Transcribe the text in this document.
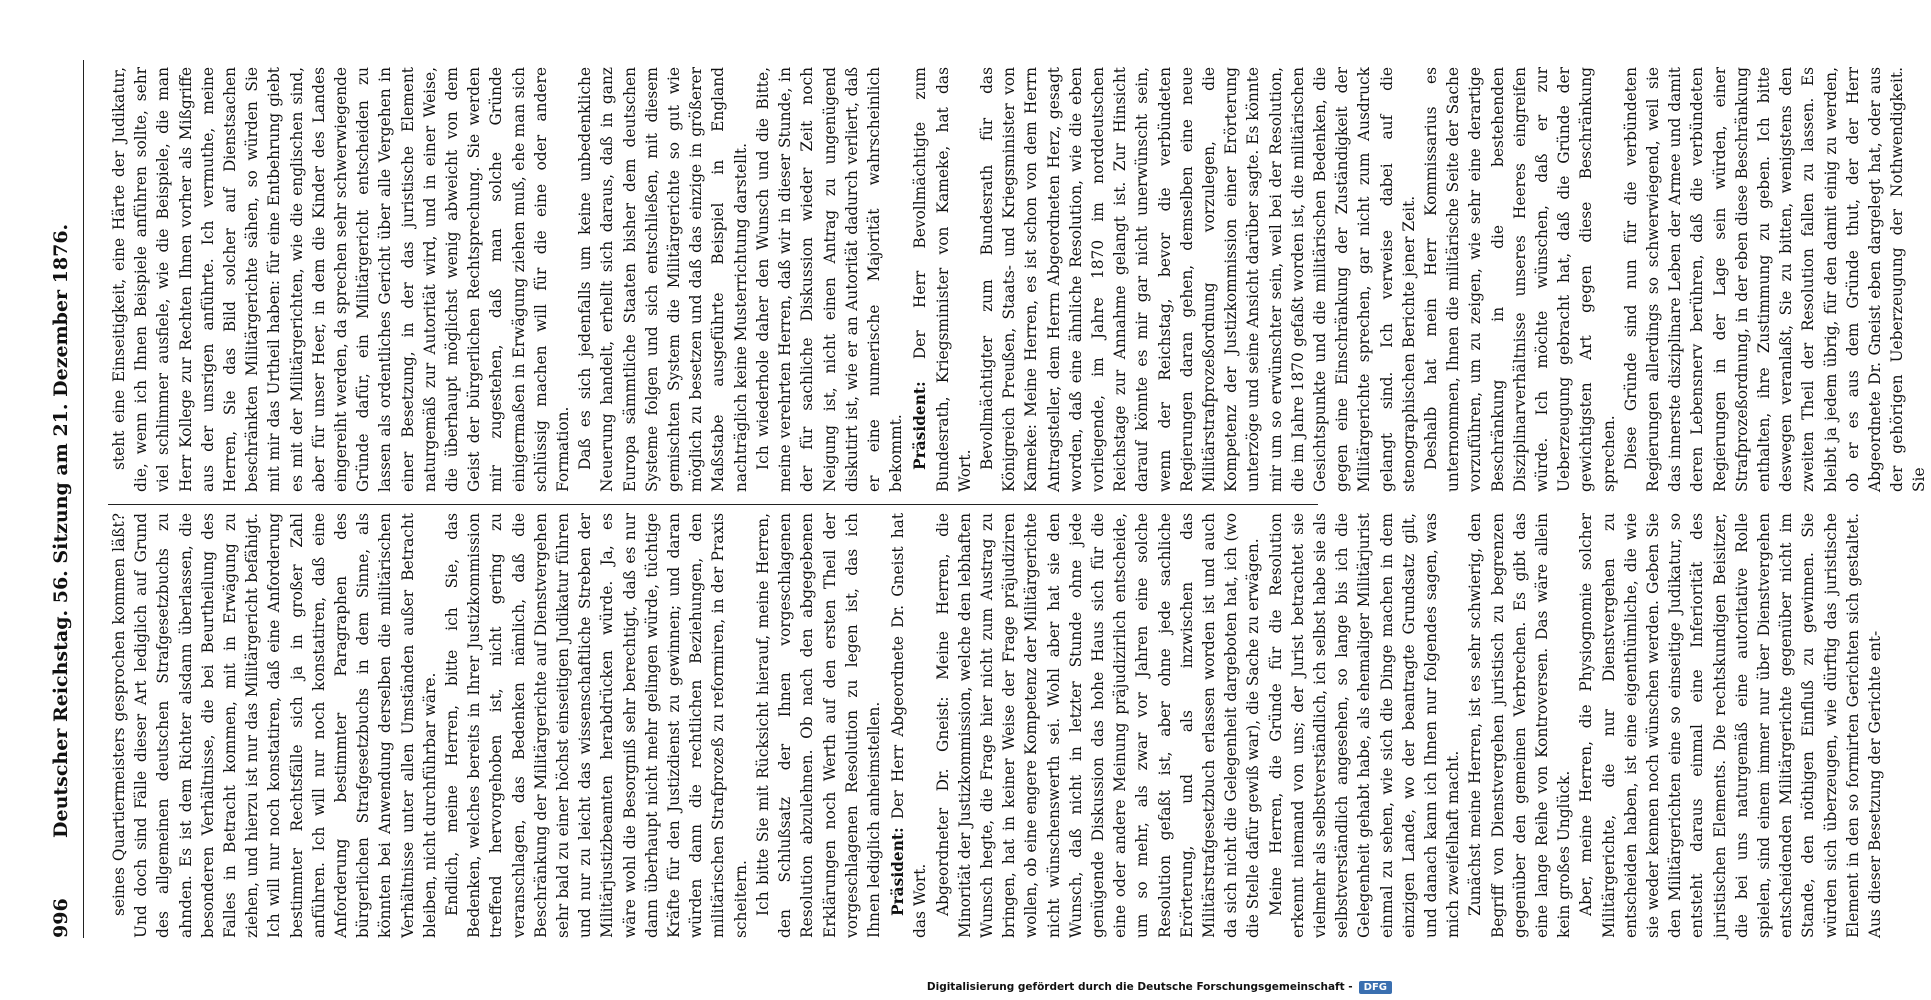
996
Deutscher Reichstag. 56. Sitzung am 21. Dezember 1876. seines Quartiermeisters gesprochen kommen läßt? Und doch sind Fälle dieser Art lediglich auf Grund des allgemeinen deutschen Strafgesetzbuchs zu ahnden. Es ist dem Richter alsdann überlassen, die besonderen Verhältnisse, die bei Beurtheilung des Falles in Betracht kommen, mit in Erwägung zu ziehen, und hierzu ist nur das Militärgericht befähigt. Ich will nur noch konstatiren, daß eine Anforderung bestimmter Rechtsfälle sich ja in großer Zahl anführen. Ich will nur noch konstatiren, daß eine Anforderung bestimmter Paragraphen des bürgerlichen Strafgesetzbuchs in dem Sinne, als könnten bei Anwendung derselben die militärischen Verhältnisse unter allen Umständen außer Betracht bleiben, nicht durchführbar wäre. Endlich, meine Herren, bitte ich Sie, das Bedenken, welches bereits in Ihrer Justizkommission treffend hervorgehoben ist, nicht gering zu veranschlagen, das Bedenken nämlich, daß die Beschränkung der Militärgerichte auf Dienstvergehen sehr bald zu einer höchst einseitigen Judikatur führen und nur zu leicht das wissenschaftliche Streben der Militärjustizbeamten herabdrücken würde. Ja, es wäre wohl die Besorgniß sehr berechtigt, daß es nur dann überhaupt nicht mehr gelingen würde, tüchtige Kräfte für den Justizdienst zu gewinnen; und daran würden dann die rechtlichen Beziehungen, den militärischen Strafprozeß zu reformiren, in der Praxis scheitern. Ich bitte Sie mit Rücksicht hierauf, meine Herren, den Schlußsatz der Ihnen vorgeschlagenen Resolution abzulehnen. Ob nach den abgegebenen Erklärungen noch Werth auf den ersten Theil der vorgeschlagenen Resolution zu legen ist, das ich Ihnen lediglich anheimstellen. Präsident: Der Herr Abgeordnete Dr. Gneist hat das Wort. Abgeordneter Dr. Gneist: Meine Herren, die Minorität der Justizkommission, welche den lebhaften Wunsch hegte, die Frage hier nicht zum Austrag zu bringen, hat in keiner Weise der Frage präjudiziren wollen, ob eine engere Kompetenz der Militärgerichte nicht wünschenswerth sei. Wohl aber hat sie den Wunsch, daß nicht in letzter Stunde ohne jede genügende Diskussion das hohe Haus sich für die eine oder andere Meinung präjudizirlich entscheide, um so mehr, als zwar vor Jahren eine solche Resolution gefaßt ist, aber ohne jede sachliche Erörterung, und als inzwischen das Militärstrafgesetzbuch erlassen worden ist und auch da sich nicht die Gelegenheit dargeboten hat, ich (wo die Stelle dafür gewiß war), die Sache zu erwägen. Meine Herren, die Gründe für die Resolution erkennt niemand von uns; der Jurist betrachtet sie vielmehr als selbstverständlich, ich selbst habe sie als selbstverständlich angesehen, so lange bis ich die Gelegenheit gehabt habe, als ehemaliger Militärjurist einmal zu sehen, wie sich die Dinge machen in dem einzigen Lande, wo der beantragte Grundsatz gilt, und danach kann ich Ihnen nur folgendes sagen, was mich zweifelhaft macht. Zunächst meine Herren, ist es sehr schwierig, den Begriff von Dienstvergehen juristisch zu begrenzen gegenüber den gemeinen Verbrechen. Es gibt das eine lange Reihe von Kontroversen. Das wäre allein kein großes Unglück. Aber, meine Herren, die Physiognomie solcher Militärgerichte, die nur Dienstvergehen zu entscheiden haben, ist eine eigenthümliche, die wie sie weder kennen noch wünschen werden. Geben Sie den Militärgerichten eine so einseitige Judikatur, so entsteht daraus einmal eine Inferiorität des juristischen Elements. Die rechtskundigen Beisitzer, die bei uns naturgemäß eine autoritative Rolle spielen, sind einem immer nur über Dienstvergehen entscheidenden Militärgerichte gegenüber nicht im Stande, den nöthigen Einfluß zu gewinnen. Sie würden sich überzeugen, wie dürftig das juristische Element in den so formirten Gerichten sich gestaltet. Aus dieser Besetzung der Gerichte ent-

steht eine Einseitigkeit, eine Härte der Judikatur, die, wenn ich Ihnen Beispiele anführen sollte, sehr viel schlimmer ausfiele, wie die Beispiele, die man Herr Kollege zur Rechten Ihnen vorher als Mißgriffe aus der unsrigen anführte. Ich vermuthe, meine Herren, Sie das Bild solcher auf Dienstsachen beschränkten Militärgerichte sähen, so würden Sie mit mir das Urtheil haben: für eine Entbehrung giebt es mit der Militärgerichten, wie die englischen sind, aber für unser Heer, in dem die Kinder des Landes eingereiht werden, da sprechen sehr schwerwiegende Gründe dafür, ein Militärgericht entscheiden zu lassen als ordentliches Gericht über alle Vergehen in einer Besetzung, in der das juristische Element naturgemäß zur Autorität wird, und in einer Weise, die überhaupt möglichst wenig abweicht von dem Geist der bürgerlichen Rechtsprechung. Sie werden mir zugestehen, daß man solche Gründe einigermaßen in Erwägung ziehen muß, ehe man sich schlüssig machen will für die eine oder andere Formation. Daß es sich jedenfalls um keine unbedenkliche Neuerung handelt, erhellt sich daraus, daß in ganz Europa sämmtliche Staaten bisher dem deutschen Systeme folgen und sich entschließen, mit diesem gemischten System die Militärgerichte so gut wie möglich zu besetzen und daß das einzige in größerer Maßstabe ausgeführte Beispiel in England nachträglich keine Musterrichtung darstellt. Ich wiederhole daher den Wunsch und die Bitte, meine verehrten Herren, daß wir in dieser Stunde, in der für sachliche Diskussion wieder Zeit noch Neigung ist, nicht einen Antrag zu ungenügend diskutirt ist, wie er an Autorität dadurch verliert, daß er eine numerische Majorität wahrscheinlich bekommt. Präsident: Der Herr Bevollmächtigte zum Bundesrath, Kriegsminister von Kameke, hat das Wort.

Bevollmächtigter zum Bundesrath für das Königreich Preußen, Staats- und Kriegsminister von Kameke: Meine Herren, es ist schon von dem Herrn Antragsteller, dem Herrn Abgeordneten Herz, gesagt worden, daß eine ähnliche Resolution, wie die eben vorliegende, im Jahre 1870 im norddeutschen Reichstage zur Annahme gelangt ist. Zur Hinsicht darauf könnte es mir gar nicht unerwünscht sein, wenn der Reichstag, bevor die verbündeten Regierungen daran gehen, demselben eine neue Militärstrafprozeßordnung vorzulegen, die Kompetenz der Justizkommission einer Erörterung unterzöge und seine Ansicht darüber sagte. Es könnte mir um so erwünschter sein, weil bei der Resolution, die im Jahre 1870 gefaßt worden ist, die militärischen Gesichtspunkte und die militärischen Bedenken, die gegen eine Einschränkung der Zuständigkeit der Militärgerichte sprechen, gar nicht zum Ausdruck gelangt sind. Ich verweise dabei auf die stenographischen Berichte jener Zeit. Deshalb hat mein Herr Kommissarius es unternommen, Ihnen die militärische Seite der Sache vorzuführen, um zu zeigen, wie sehr eine derartige Beschränkung in die bestehenden Disziplinarverhältnisse unseres Heeres eingreifen würde. Ich möchte wünschen, daß er zur Ueberzeugung gebracht hat, daß die Gründe der gewichtigsten Art gegen diese Beschränkung sprechen. Diese Gründe sind nun für die verbündeten Regierungen allerdings so schwerwiegend, weil sie das innerste disziplinare Leben der Armee und damit deren Lebensnerv berühren, daß die verbündeten Regierungen in der Lage sein würden, einer Strafprozeßordnung, in der eben diese Beschränkung enthalten, ihre Zustimmung zu geben. Ich bitte deswegen veranlaßt, Sie zu bitten, wenigstens den zweiten Theil der Resolution fallen zu lassen. Es bleibt ja jedem übrig, für den damit einig zu werden, ob er es aus dem Gründe thut, der der Herr Abgeordnete Dr. Gneist eben dargelegt hat, oder aus der gehörigen Ueberzeugung der Nothwendigkeit. Sie

Digitalisierung gefördert durch die Deutsche Forschungsgemeinschaft - DFG
